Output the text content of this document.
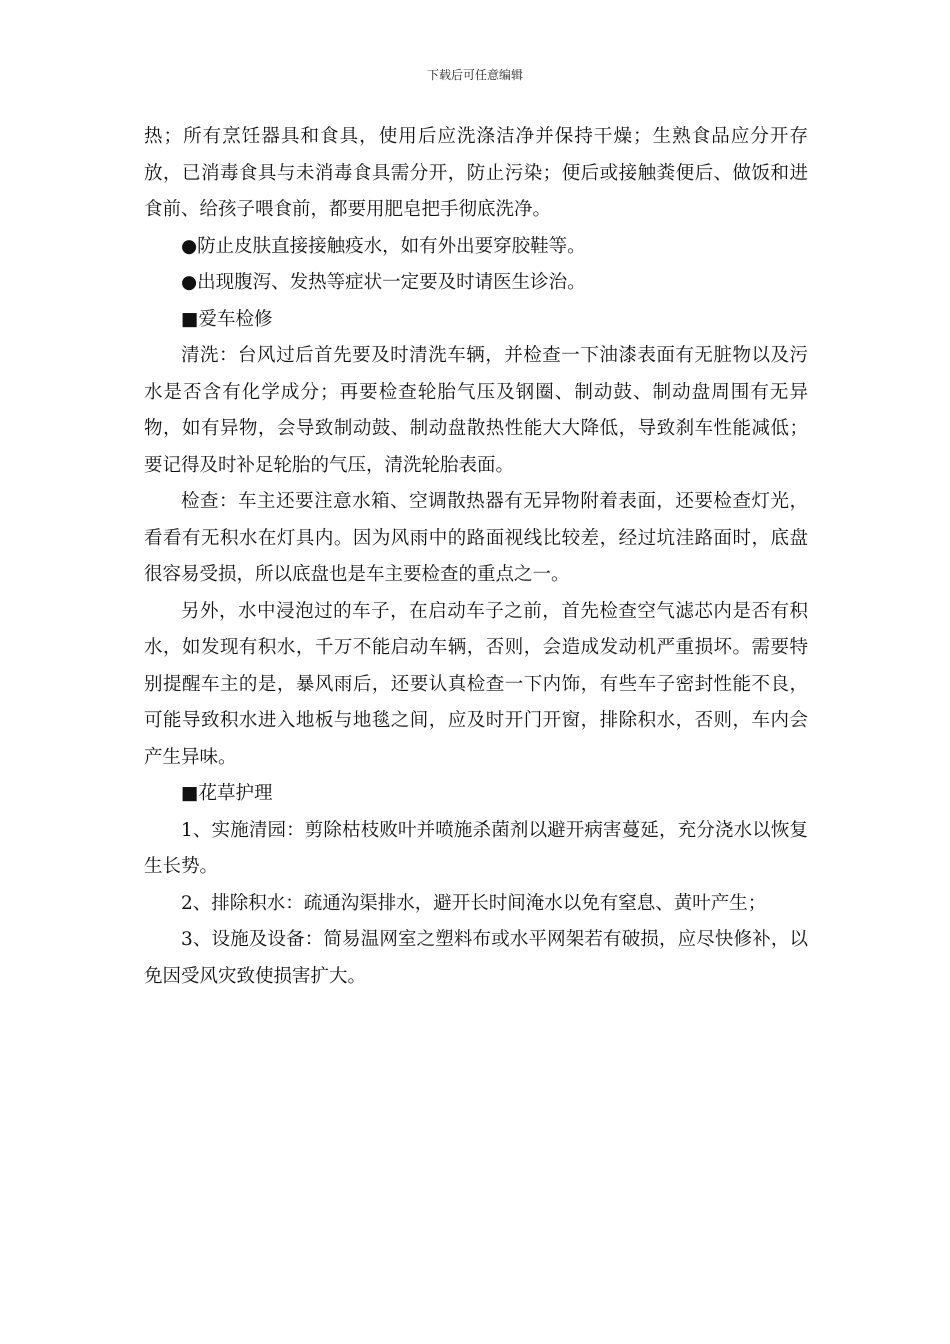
下载后可任意编辑

热；所有烹饪器具和食具，使用后应洗涤洁净并保持干燥；生熟食品应分开存放，已消毒食具与未消毒食具需分开，防止污染；便后或接触粪便后、做饭和进食前、给孩子喂食前，都要用肥皂把手彻底洗净。

●防止皮肤直接接触疫水，如有外出要穿胶鞋等。

●出现腹泻、发热等症状一定要及时请医生诊治。

■爱车检修

清洗：台风过后首先要及时清洗车辆，并检查一下油漆表面有无脏物以及污水是否含有化学成分；再要检查轮胎气压及钢圈、制动鼓、制动盘周围有无异物，如有异物，会导致制动鼓、制动盘散热性能大大降低，导致刹车性能减低；要记得及时补足轮胎的气压，清洗轮胎表面。

检查：车主还要注意水箱、空调散热器有无异物附着表面，还要检查灯光，看看有无积水在灯具内。因为风雨中的路面视线比较差，经过坑洼路面时，底盘很容易受损，所以底盘也是车主要检查的重点之一。

另外，水中浸泡过的车子，在启动车子之前，首先检查空气滤芯内是否有积水，如发现有积水，千万不能启动车辆，否则，会造成发动机严重损坏。需要特别提醒车主的是，暴风雨后，还要认真检查一下内饰，有些车子密封性能不良，可能导致积水进入地板与地毯之间，应及时开门开窗，排除积水，否则，车内会产生异味。

■花草护理

1、实施清园：剪除枯枝败叶并喷施杀菌剂以避开病害蔓延，充分浇水以恢复生长势。

2、排除积水：疏通沟渠排水，避开长时间淹水以免有窒息、黄叶产生；

3、设施及设备：简易温网室之塑料布或水平网架若有破损，应尽快修补，以免因受风灾致使损害扩大。
